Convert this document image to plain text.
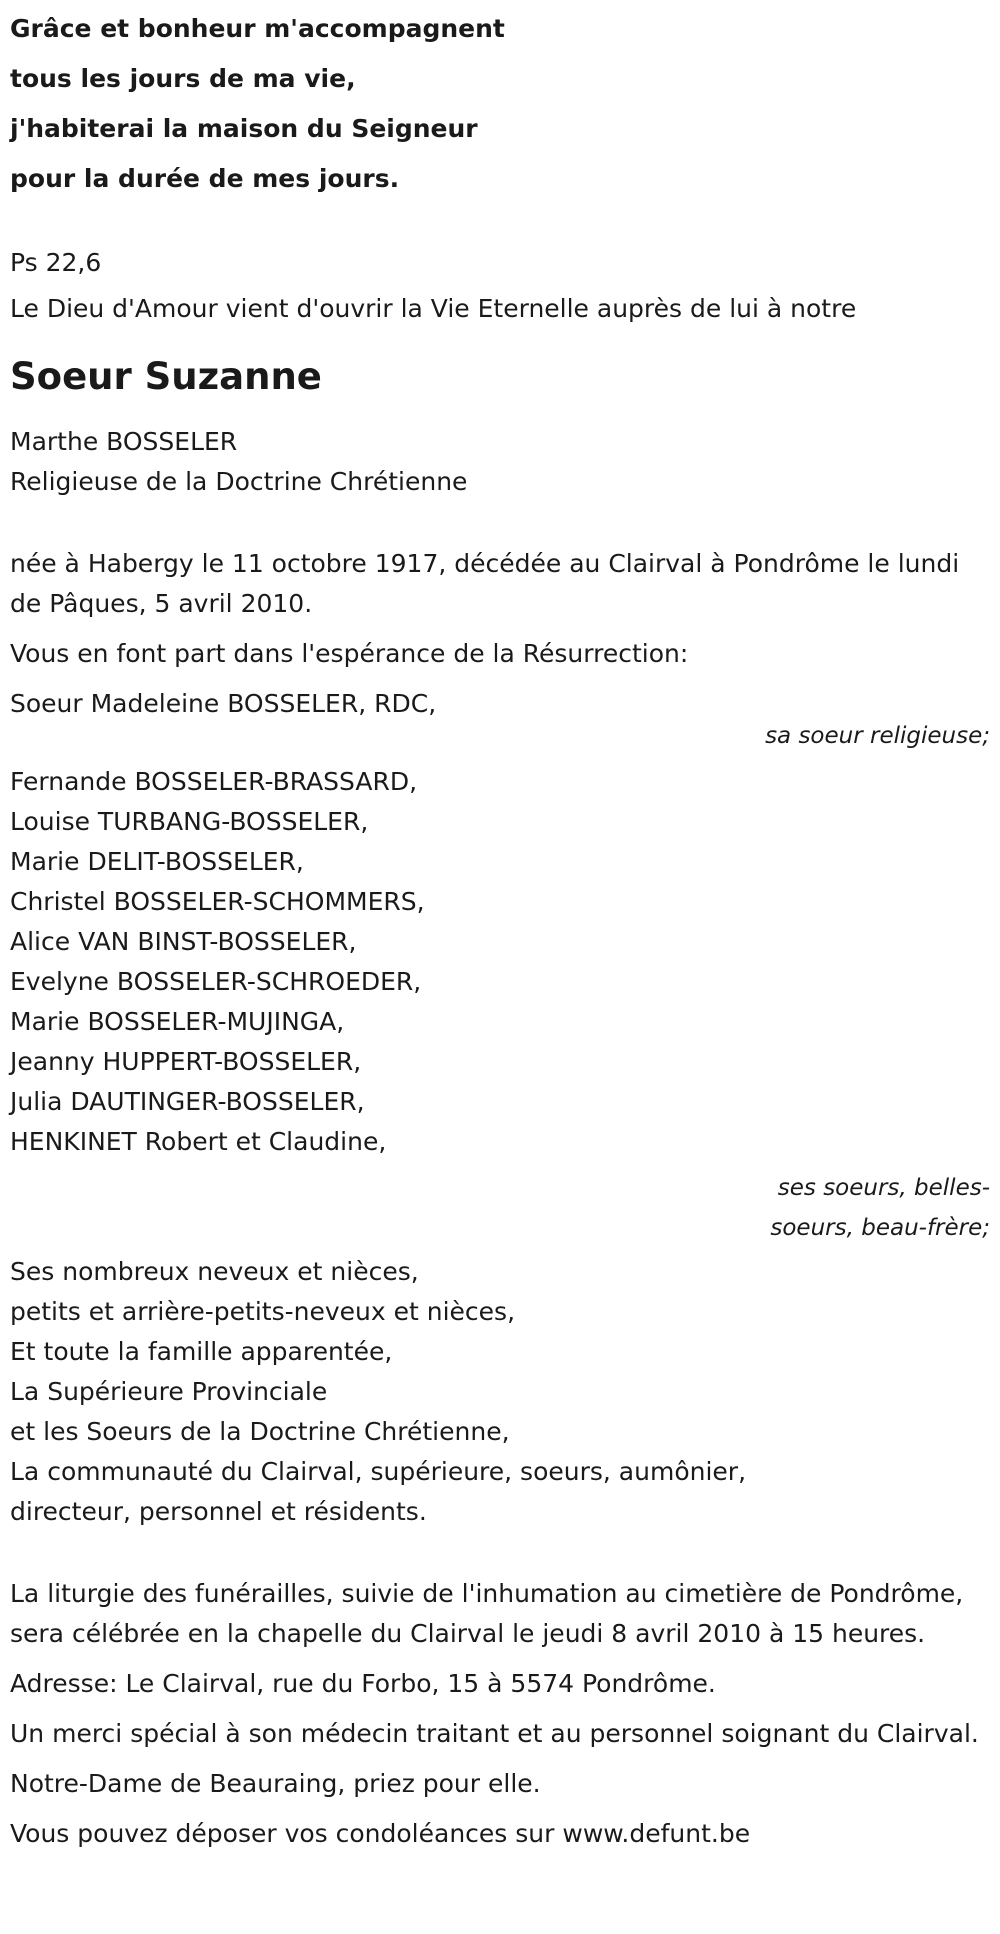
Grâce et bonheur m'accompagnent
tous les jours de ma vie,
j'habiterai la maison du Seigneur
pour la durée de mes jours.
Ps 22,6
Le Dieu d'Amour vient d'ouvrir la Vie Eternelle auprès de lui à notre
Soeur Suzanne
Marthe BOSSELER
Religieuse de la Doctrine Chrétienne
née à Habergy le 11 octobre 1917, décédée au Clairval à Pondrôme le lundi de Pâques, 5 avril 2010.
Vous en font part dans l'espérance de la Résurrection:
Soeur Madeleine BOSSELER, RDC,
sa soeur religieuse;
Fernande BOSSELER-BRASSARD,
Louise TURBANG-BOSSELER,
Marie DELIT-BOSSELER,
Christel BOSSELER-SCHOMMERS,
Alice VAN BINST-BOSSELER,
Evelyne BOSSELER-SCHROEDER,
Marie BOSSELER-MUJINGA,
Jeanny HUPPERT-BOSSELER,
Julia DAUTINGER-BOSSELER,
HENKINET Robert et Claudine,
ses soeurs, belles-soeurs, beau-frère;
Ses nombreux neveux et nièces,
petits et arrière-petits-neveux et nièces,
Et toute la famille apparentée,
La Supérieure Provinciale
et les Soeurs de la Doctrine Chrétienne,
La communauté du Clairval, supérieure, soeurs, aumônier,
directeur, personnel et résidents.
La liturgie des funérailles, suivie de l'inhumation au cimetière de Pondrôme, sera célébrée en la chapelle du Clairval le jeudi 8 avril 2010 à 15 heures.
Adresse: Le Clairval, rue du Forbo, 15 à 5574 Pondrôme.
Un merci spécial à son médecin traitant et au personnel soignant du Clairval.
Notre-Dame de Beauraing, priez pour elle.
Vous pouvez déposer vos condoléances sur www.defunt.be
